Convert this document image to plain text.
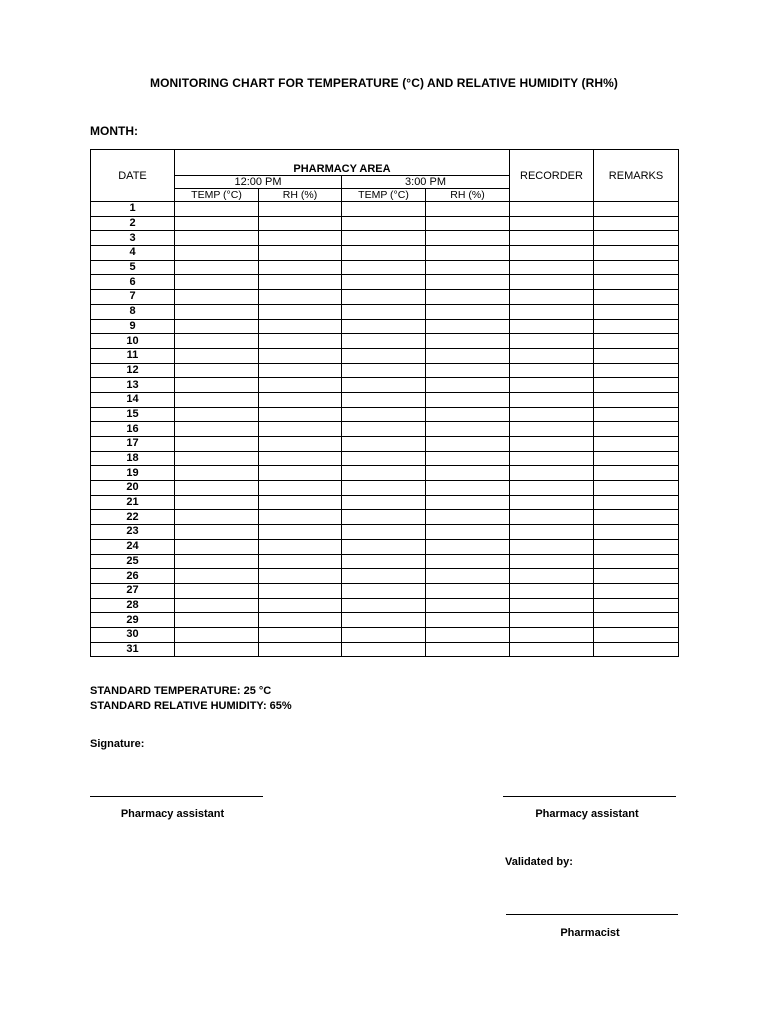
MONITORING CHART FOR TEMPERATURE (°C) AND RELATIVE HUMIDITY (RH%)
MONTH:
DATE	PHARMACY AREA				RECORDER	REMARKS
	12:00 PM		3:00 PM			
	TEMP (°C)	RH (%)	TEMP (°C)	RH (%)		
1						
2						
3						
4						
5						
6						
7						
8						
9						
10						
11						
12						
13						
14						
15						
16						
17						
18						
19						
20						
21						
22						
23						
24						
25						
26						
27						
28						
29						
30						
31						
STANDARD TEMPERATURE: 25 °C
STANDARD RELATIVE HUMIDITY: 65%
Signature:
Pharmacy assistant	Pharmacy assistant
Validated by:
Pharmacist
